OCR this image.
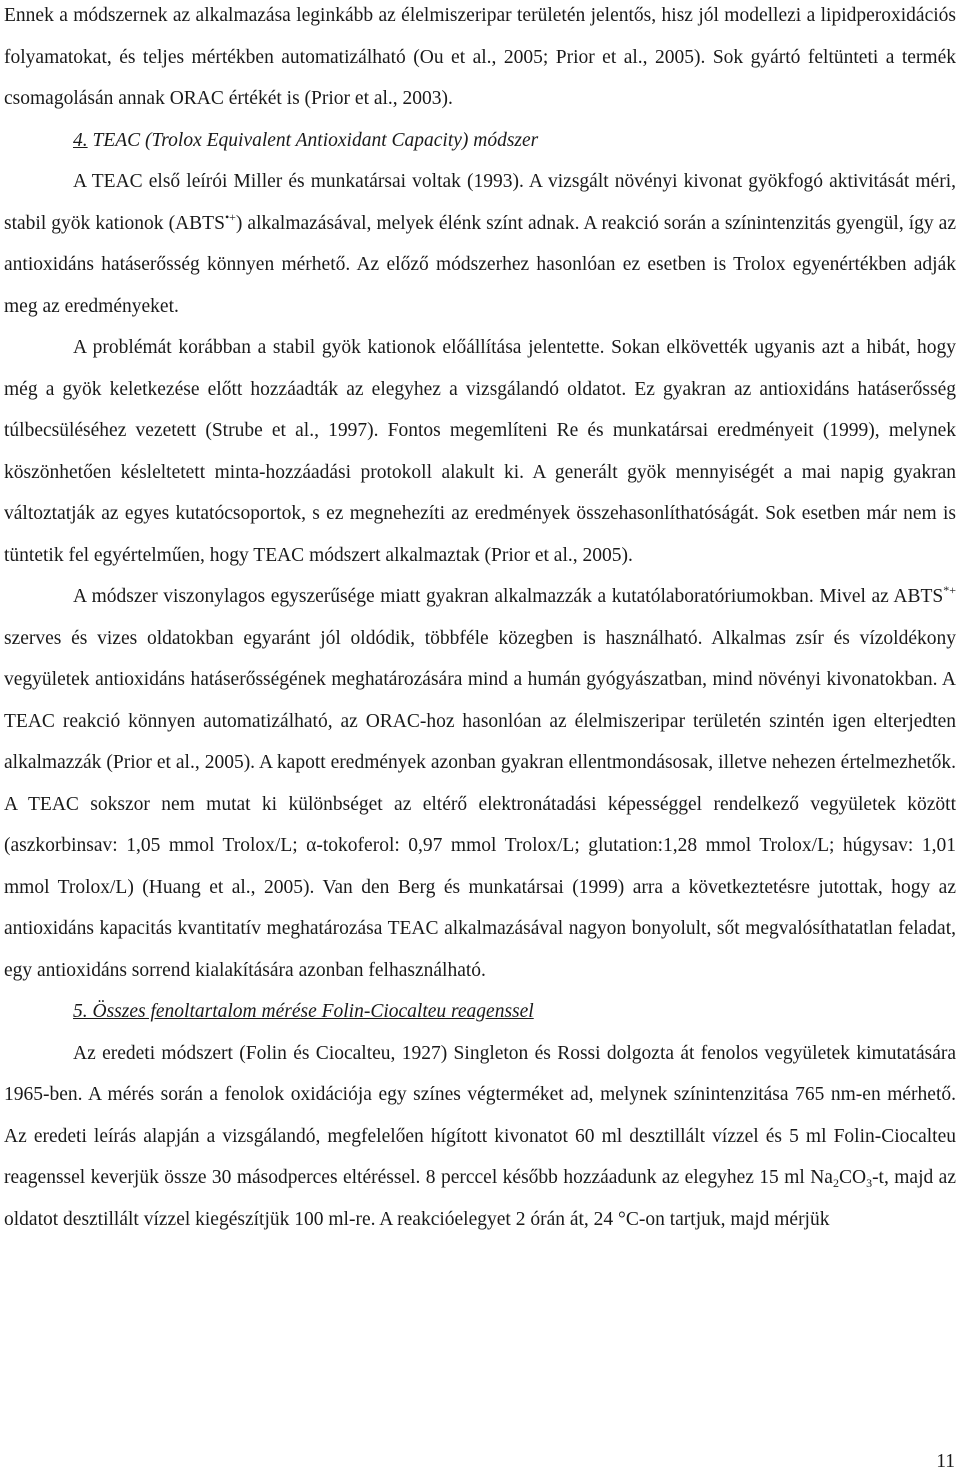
Ennek a módszernek az alkalmazása leginkább az élelmiszeripar területén jelentős, hisz jól modellezi a lipidperoxidációs folyamatokat, és teljes mértékben automatizálható (Ou et al., 2005; Prior et al., 2005). Sok gyártó feltünteti a termék csomagolásán annak ORAC értékét is (Prior et al., 2003).

4. TEAC (Trolox Equivalent Antioxidant Capacity) módszer

A TEAC első leírói Miller és munkatársai voltak (1993). A vizsgált növényi kivonat gyökfogó aktivitását méri, stabil gyök kationok (ABTS•+) alkalmazásával, melyek élénk színt adnak. A reakció során a színintenzitás gyengül, így az antioxidáns hatáserősség könnyen mérhető. Az előző módszerhez hasonlóan ez esetben is Trolox egyenértékben adják meg az eredményeket.

A problémát korábban a stabil gyök kationok előállítása jelentette. Sokan elkövették ugyanis azt a hibát, hogy még a gyök keletkezése előtt hozzáadták az elegyhez a vizsgálandó oldatot. Ez gyakran az antioxidáns hatáserősség túlbecsüléséhez vezetett (Strube et al., 1997). Fontos megemlíteni Re és munkatársai eredményeit (1999), melynek köszönhetően késleltetett minta-hozzáadási protokoll alakult ki. A generált gyök mennyiségét a mai napig gyakran változtatják az egyes kutatócsoportok, s ez megnehezíti az eredmények összehasonlíthatóságát. Sok esetben már nem is tüntetik fel egyértelműen, hogy TEAC módszert alkalmaztak (Prior et al., 2005).

A módszer viszonylagos egyszerűsége miatt gyakran alkalmazzák a kutatólaboratóriumokban. Mivel az ABTS*+ szerves és vizes oldatokban egyaránt jól oldódik, többféle közegben is használható. Alkalmas zsír és vízoldékony vegyületek antioxidáns hatáserősségének meghatározására mind a humán gyógyászatban, mind növényi kivonatokban. A TEAC reakció könnyen automatizálható, az ORAC-hoz hasonlóan az élelmiszeripar területén szintén igen elterjedten alkalmazzák (Prior et al., 2005). A kapott eredmények azonban gyakran ellentmondásosak, illetve nehezen értelmezhetők. A TEAC sokszor nem mutat ki különbséget az eltérő elektronátadási képességgel rendelkező vegyületek között (aszkorbinsav: 1,05 mmol Trolox/L; α-tokoferol: 0,97 mmol Trolox/L; glutation:1,28 mmol Trolox/L; húgysav: 1,01 mmol Trolox/L) (Huang et al., 2005). Van den Berg és munkatársai (1999) arra a következtetésre jutottak, hogy az antioxidáns kapacitás kvantitatív meghatározása TEAC alkalmazásával nagyon bonyolult, sőt megvalósíthatatlan feladat, egy antioxidáns sorrend kialakítására azonban felhasználható.

5. Összes fenoltartalom mérése Folin-Ciocalteu reagenssel

Az eredeti módszert (Folin és Ciocalteu, 1927) Singleton és Rossi dolgozta át fenolos vegyületek kimutatására 1965-ben. A mérés során a fenolok oxidációja egy színes végterméket ad, melynek színintenzitása 765 nm-en mérhető. Az eredeti leírás alapján a vizsgálandó, megfelelően hígított kivonatot 60 ml desztillált vízzel és 5 ml Folin-Ciocalteu reagenssel keverjük össze 30 másodperces eltéréssel. 8 perccel később hozzáadunk az elegyhez 15 ml $Na_2CO_3-t$, majd az oldatot desztillált vízzel kiegészítjük 100 ml-re. A reakcióelegyet 2 órán át, 24 °C-on tartjuk, majd mérjük

11
